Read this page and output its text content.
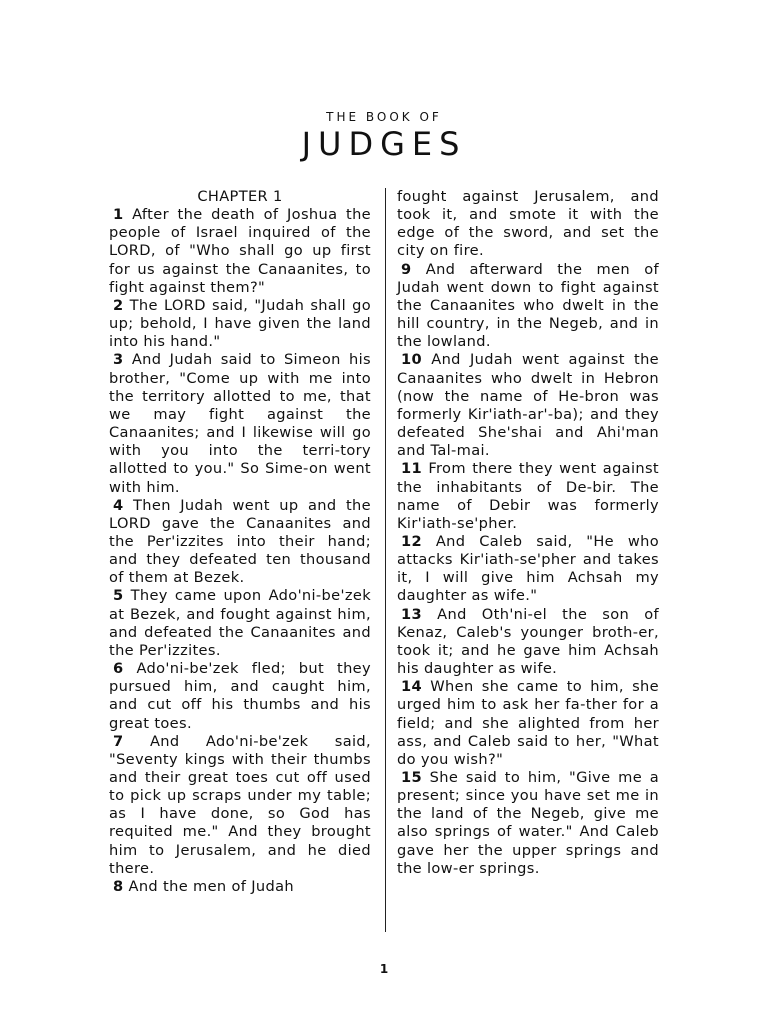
THE BOOK OF
JUDGES

CHAPTER 1

1 After the death of Joshua the people of Israel inquired of the LORD, of "Who shall go up first for us against the Canaanites, to fight against them?"

2 The LORD said, "Judah shall go up; behold, I have given the land into his hand."

3 And Judah said to Simeon his brother, "Come up with me into the territory allotted to me, that we may fight against the Canaanites; and I likewise will go with you into the terri-tory allotted to you." So Sime-on went with him.

4 Then Judah went up and the LORD gave the Canaanites and the Per'izzites into their hand; and they defeated ten thousand of them at Bezek.

5 They came upon Ado'ni-be'zek at Bezek, and fought against him, and defeated the Canaanites and the Per'izzites.

6 Ado'ni-be'zek fled; but they pursued him, and caught him, and cut off his thumbs and his great toes.

7 And Ado'ni-be'zek said, "Seventy kings with their thumbs and their great toes cut off used to pick up scraps under my table; as I have done, so God has requited me." And they brought him to Jerusalem, and he died there.

8 And the men of Judah

fought against Jerusalem, and took it, and smote it with the edge of the sword, and set the city on fire.

9 And afterward the men of Judah went down to fight against the Canaanites who dwelt in the hill country, in the Negeb, and in the lowland.

10 And Judah went against the Canaanites who dwelt in Hebron (now the name of He-bron was formerly Kir'iath-ar'-ba); and they defeated She'shai and Ahi'man and Tal-mai.

11 From there they went against the inhabitants of De-bir. The name of Debir was formerly Kir'iath-se'pher.

12 And Caleb said, "He who attacks Kir'iath-se'pher and takes it, I will give him Achsah my daughter as wife."

13 And Oth'ni-el the son of Kenaz, Caleb's younger broth-er, took it; and he gave him Achsah his daughter as wife.

14 When she came to him, she urged him to ask her fa-ther for a field; and she alighted from her ass, and Caleb said to her, "What do you wish?"

15 She said to him, "Give me a present; since you have set me in the land of the Negeb, give me also springs of water." And Caleb gave her the upper springs and the low-er springs.

1
